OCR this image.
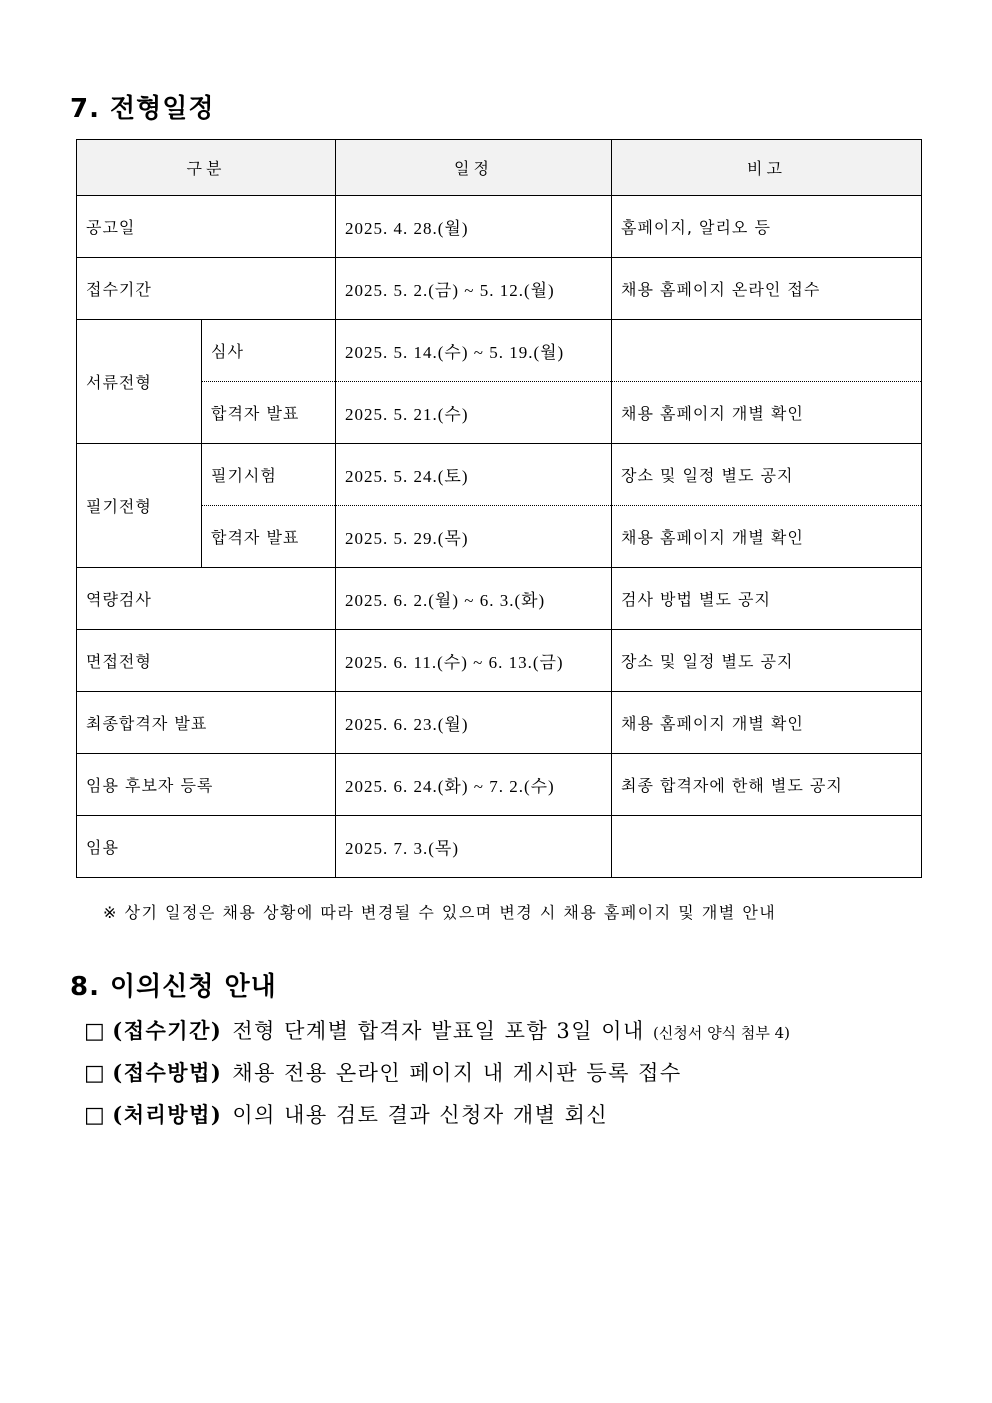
7. 전형일정
구분		일정	비고
공고일		2025. 4. 28.(월)	홈페이지, 알리오 등
접수기간		2025. 5. 2.(금) ~ 5. 12.(월)	채용 홈페이지 온라인 접수
서류전형	심사	2025. 5. 14.(수) ~ 5. 19.(월)	
	합격자 발표	2025. 5. 21.(수)	채용 홈페이지 개별 확인
필기전형	필기시험	2025. 5. 24.(토)	장소 및 일정 별도 공지
	합격자 발표	2025. 5. 29.(목)	채용 홈페이지 개별 확인
역량검사		2025. 6. 2.(월) ~ 6. 3.(화)	검사 방법 별도 공지
면접전형		2025. 6. 11.(수) ~ 6. 13.(금)	장소 및 일정 별도 공지
최종합격자 발표		2025. 6. 23.(월)	채용 홈페이지 개별 확인
임용 후보자 등록		2025. 6. 24.(화) ~ 7. 2.(수)	최종 합격자에 한해 별도 공지
임용		2025. 7. 3.(목)	
※ 상기 일정은 채용 상황에 따라 변경될 수 있으며 변경 시 채용 홈페이지 및 개별 안내
8. 이의신청 안내
□ (접수기간) 전형 단계별 합격자 발표일 포함 3일 이내 (신청서 양식 첨부 4)
□ (접수방법) 채용 전용 온라인 페이지 내 게시판 등록 접수
□ (처리방법) 이의 내용 검토 결과 신청자 개별 회신
